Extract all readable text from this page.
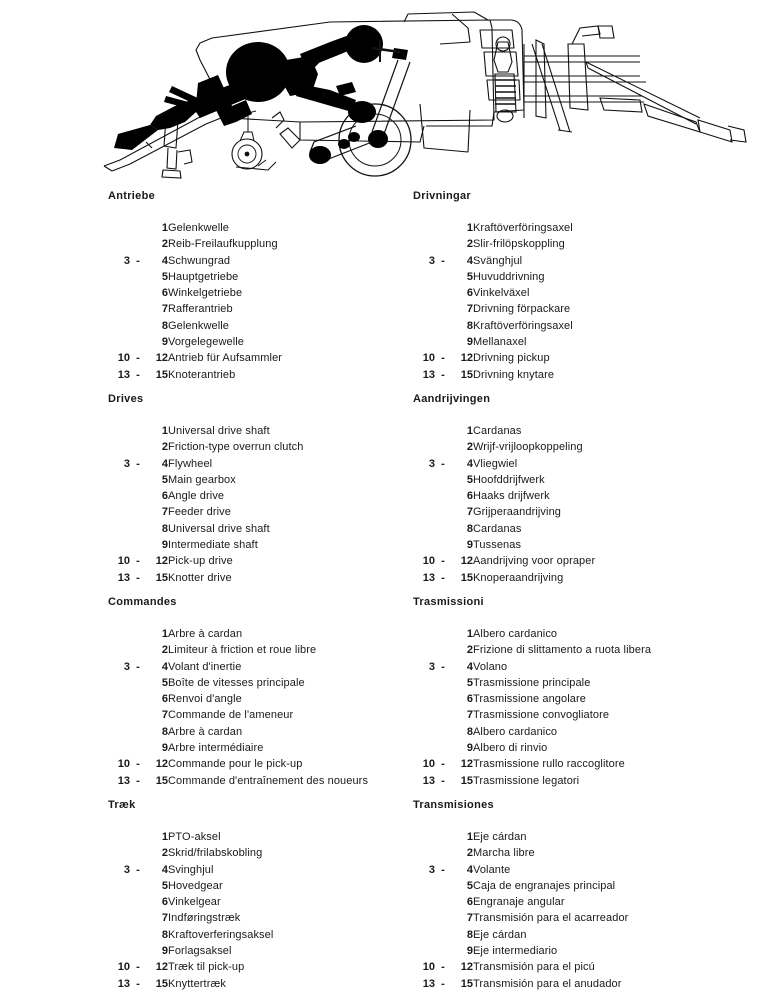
Antriebe
		1	Gelenkwelle
		2	Reib-Freilaufkupplung
3	-	4	Schwungrad
		5	Hauptgetriebe
		6	Winkelgetriebe
		7	Rafferantrieb
		8	Gelenkwelle
		9	Vorgelegewelle
10	-	12	Antrieb für Aufsammler
13	-	15	Knoterantrieb
Drivningar
		1	Kraftöverföringsaxel
		2	Slir-frilöpskoppling
3	-	4	Svänghjul
		5	Huvuddrivning
		6	Vinkelväxel
		7	Drivning förpackare
		8	Kraftöverföringsaxel
		9	Mellanaxel
10	-	12	Drivning pickup
13	-	15	Drivning knytare
Drives
		1	Universal drive shaft
		2	Friction-type overrun clutch
3	-	4	Flywheel
		5	Main gearbox
		6	Angle drive
		7	Feeder drive
		8	Universal drive shaft
		9	Intermediate shaft
10	-	12	Pick-up drive
13	-	15	Knotter drive
Aandrijvingen
		1	Cardanas
		2	Wrijf-vrijloopkoppeling
3	-	4	Vliegwiel
		5	Hoofddrijfwerk
		6	Haaks drijfwerk
		7	Grijperaandrijving
		8	Cardanas
		9	Tussenas
10	-	12	Aandrijving voor opraper
13	-	15	Knoperaandrijving
Commandes
		1	Arbre à cardan
		2	Limiteur à friction et roue libre
3	-	4	Volant d'inertie
		5	Boîte de vitesses principale
		6	Renvoi d'angle
		7	Commande de l'ameneur
		8	Arbre à cardan
		9	Arbre intermédiaire
10	-	12	Commande pour le pick-up
13	-	15	Commande d'entraînement des noueurs
Trasmissioni
		1	Albero cardanico
		2	Frizione di slittamento a ruota libera
3	-	4	Volano
		5	Trasmissione principale
		6	Trasmissione angolare
		7	Trasmissione convogliatore
		8	Albero cardanico
		9	Albero di rinvio
10	-	12	Trasmissione rullo raccoglitore
13	-	15	Trasmissione legatori
Træk
		1	PTO-aksel
		2	Skrid/frilabskobling
3	-	4	Svinghjul
		5	Hovedgear
		6	Vinkelgear
		7	Indføringstræk
		8	Kraftoverferingsaksel
		9	Forlagsaksel
10	-	12	Træk til pick-up
13	-	15	Knyttertræk
Transmisiones
		1	Eje cárdan
		2	Marcha libre
3	-	4	Volante
		5	Caja de engranajes principal
		6	Engranaje angular
		7	Transmisión para el acarreador
		8	Eje cárdan
		9	Eje intermediario
10	-	12	Transmisión para el picú
13	-	15	Transmisión para el anudador
